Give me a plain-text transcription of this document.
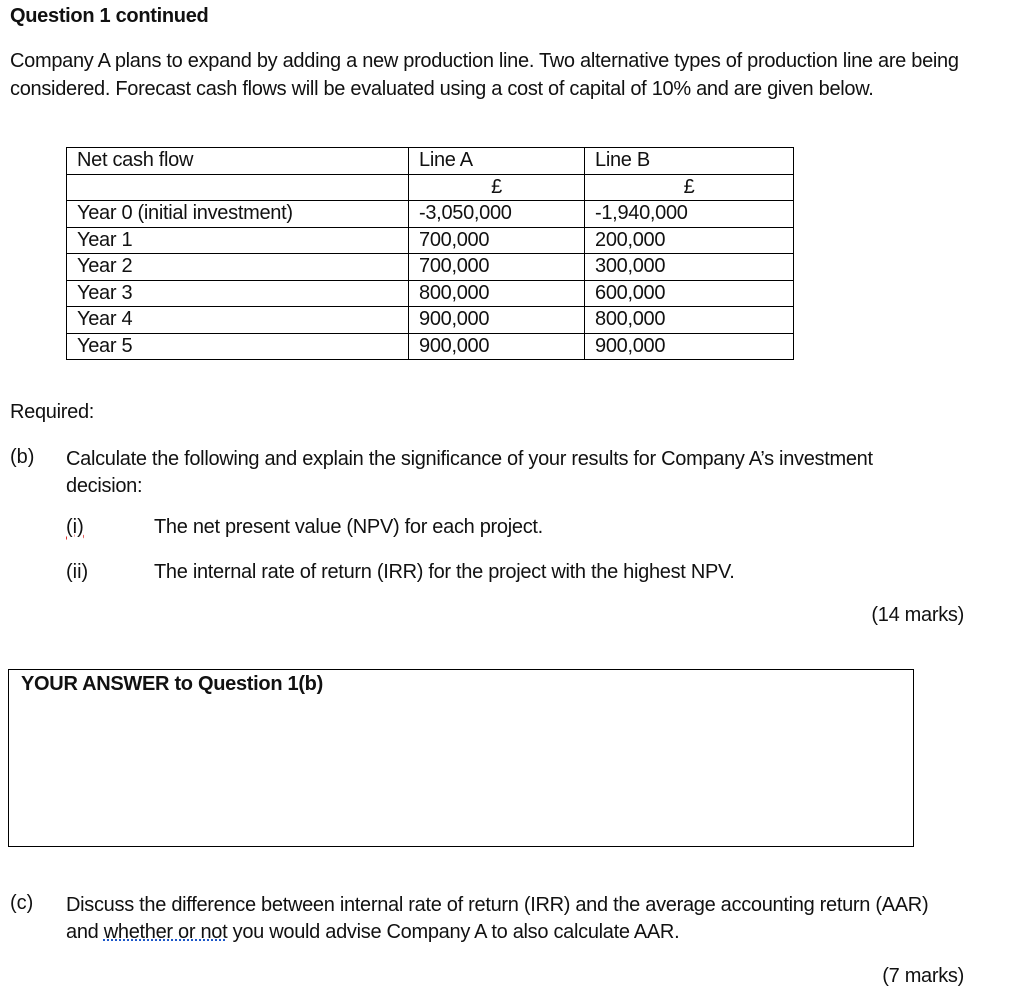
Question 1 continued
Company A plans to expand by adding a new production line. Two alternative types of production line are being considered. Forecast cash flows will be evaluated using a cost of capital of 10% and are given below.
Net cash flow	Line A	Line B
	£	£
Year 0 (initial investment)	-3,050,000	-1,940,000
Year 1	700,000	200,000
Year 2	700,000	300,000
Year 3	800,000	600,000
Year 4	900,000	800,000
Year 5	900,000	900,000
Required:
(b) Calculate the following and explain the significance of your results for Company A’s investment decision:
(i)	The net present value (NPV) for each project.
(ii)	The internal rate of return (IRR) for the project with the highest NPV.
(14 marks)
YOUR ANSWER to Question 1(b)
(c) Discuss the difference between internal rate of return (IRR) and the average accounting return (AAR) and whether or not you would advise Company A to also calculate AAR.
(7 marks)
